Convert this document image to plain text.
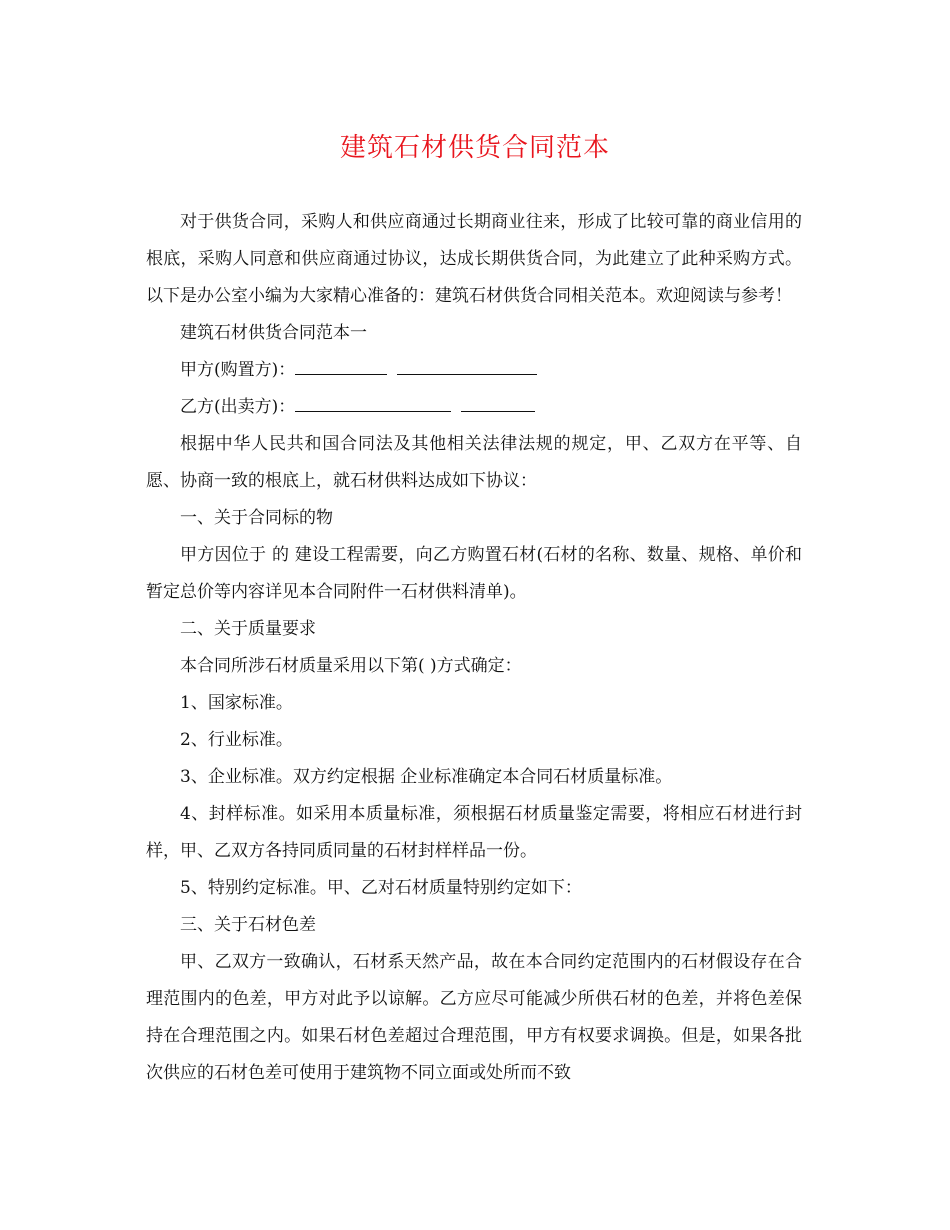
建筑石材供货合同范本

对于供货合同，采购人和供应商通过长期商业往来，形成了比较可靠的商业信用的根底，采购人同意和供应商通过协议，达成长期供货合同，为此建立了此种采购方式。以下是办公室小编为大家精心准备的：建筑石材供货合同相关范本。欢迎阅读与参考！

建筑石材供货合同范本一

甲方(购置方)：

乙方(出卖方)：

根据中华人民共和国合同法及其他相关法律法规的规定，甲、乙双方在平等、自愿、协商一致的根底上，就石材供料达成如下协议：

一、关于合同标的物

甲方因位于 的 建设工程需要，向乙方购置石材(石材的名称、数量、规格、单价和暂定总价等内容详见本合同附件一石材供料清单)。

二、关于质量要求

本合同所涉石材质量采用以下第( )方式确定：

1、国家标准。

2、行业标准。

3、企业标准。双方约定根据 企业标准确定本合同石材质量标准。

4、封样标准。如采用本质量标准，须根据石材质量鉴定需要，将相应石材进行封样，甲、乙双方各持同质同量的石材封样样品一份。

5、特别约定标准。甲、乙对石材质量特别约定如下：

三、关于石材色差

甲、乙双方一致确认，石材系天然产品，故在本合同约定范围内的石材假设存在合理范围内的色差，甲方对此予以谅解。乙方应尽可能减少所供石材的色差，并将色差保持在合理范围之内。如果石材色差超过合理范围，甲方有权要求调换。但是，如果各批次供应的石材色差可使用于建筑物不同立面或处所而不致
